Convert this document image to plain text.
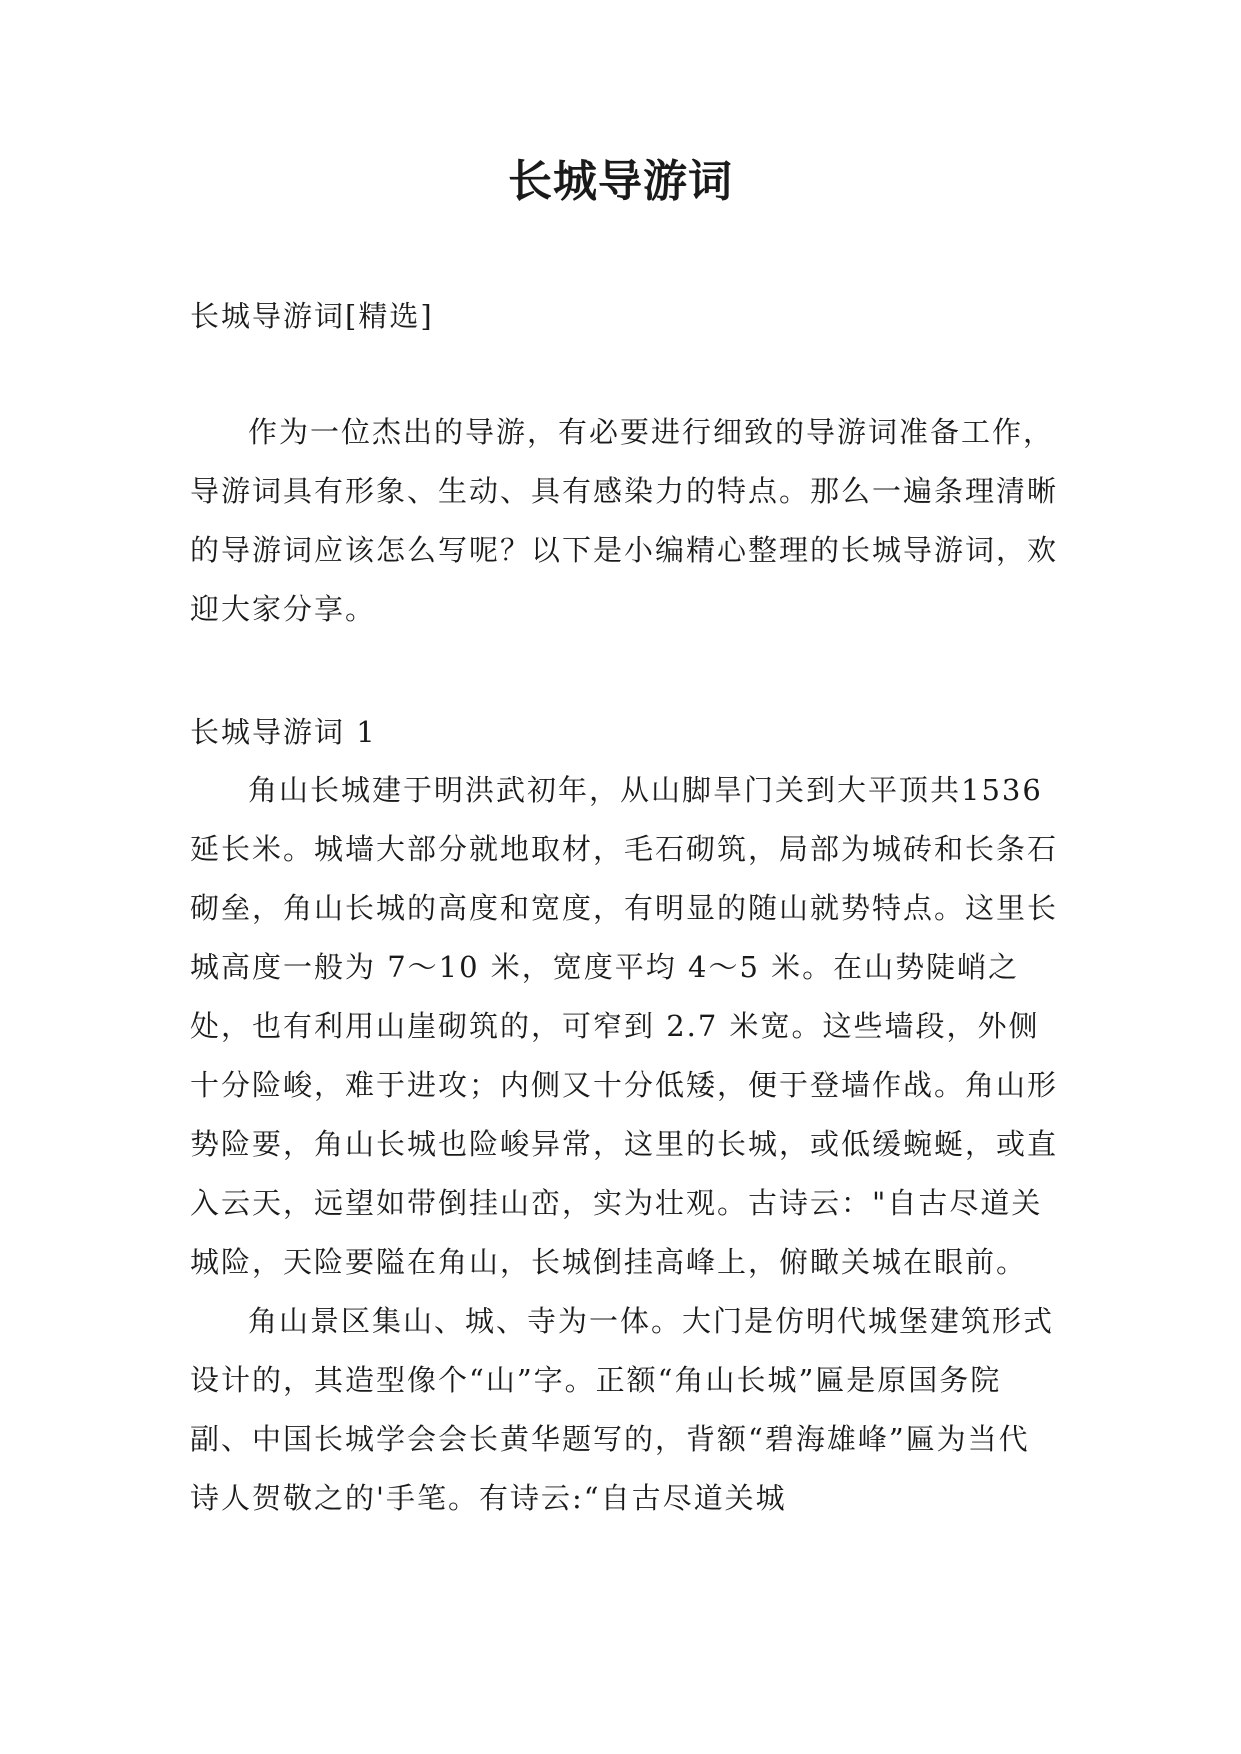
长城导游词

长城导游词[精选]

作为一位杰出的导游，有必要进行细致的导游词准备工作，导游词具有形象、生动、具有感染力的特点。那么一遍条理清晰的导游词应该怎么写呢？以下是小编精心整理的长城导游词，欢迎大家分享。

长城导游词 1

角山长城建于明洪武初年，从山脚旱门关到大平顶共1536 延长米。城墙大部分就地取材，毛石砌筑，局部为城砖和长条石砌垒，角山长城的高度和宽度，有明显的随山就势特点。这里长城高度一般为 7～10 米，宽度平均 4～5 米。在山势陡峭之处，也有利用山崖砌筑的，可窄到 2.7 米宽。这些墙段，外侧十分险峻，难于进攻；内侧又十分低矮，便于登墙作战。角山形势险要，角山长城也险峻异常，这里的长城，或低缓蜿蜒，或直入云天，远望如带倒挂山峦，实为壮观。古诗云："自古尽道关城险，天险要隘在角山，长城倒挂高峰上，俯瞰关城在眼前。

角山景区集山、城、寺为一体。大门是仿明代城堡建筑形式设计的，其造型像个“山”字。正额“角山长城”匾是原国务院副、中国长城学会会长黄华题写的，背额“碧海雄峰”匾为当代诗人贺敬之的'手笔。有诗云:“自古尽道关城
